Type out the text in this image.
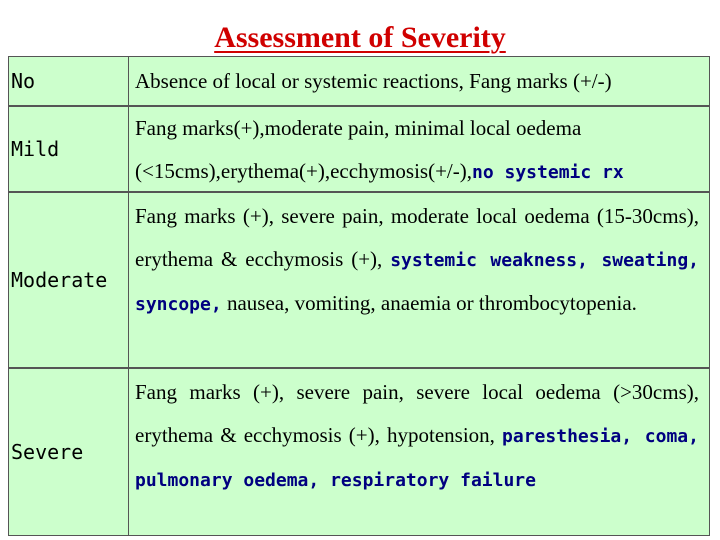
Assessment of Severity
No	Absence of local or systemic reactions, Fang marks (+/-)
Mild
Fang marks(+),moderate pain, minimal local oedema
(<15cms),erythema(+),ecchymosis(+/-),no systemic rx
Moderate
Fang marks (+), severe pain, moderate local oedema (15-30cms), erythema & ecchymosis (+), systemic weakness, sweating, syncope, nausea, vomiting, anaemia or thrombocytopenia.
Severe
Fang marks (+), severe pain, severe local oedema (>30cms), erythema & ecchymosis (+), hypotension, paresthesia, coma, pulmonary oedema, respiratory failure
